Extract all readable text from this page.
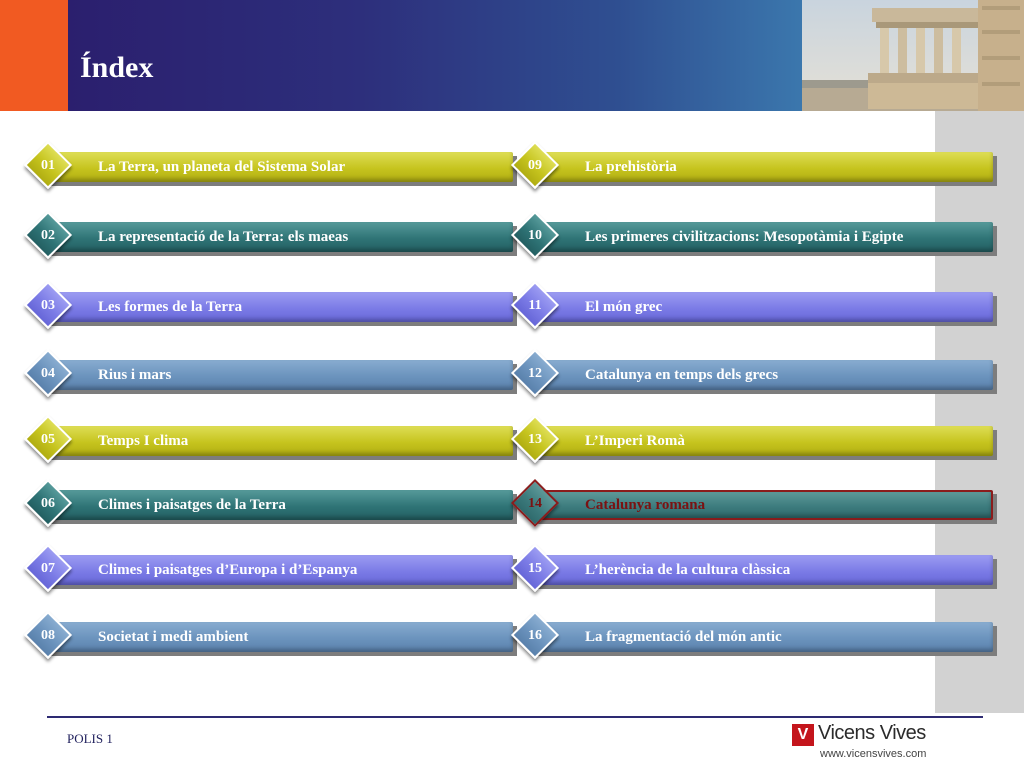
Índex
La Terra, un planeta del Sistema Solar
01
La representació de la Terra: els maeas
02
Les formes de la Terra
03
Rius i mars
04
Temps I clima
05
Climes i paisatges de la Terra
06
Climes i paisatges d’Europa i d’Espanya
07
Societat i medi ambient
08
La prehistòria
09
Les primeres civilitzacions: Mesopotàmia i Egipte
10
El món grec
11
Catalunya en temps dels grecs
12
L’Imperi Romà
13
Catalunya romana
14
L’herència de la cultura clàssica
15
La fragmentació del món antic
16
POLIS 1	V Vicens Vives
www.vicensvives.com
